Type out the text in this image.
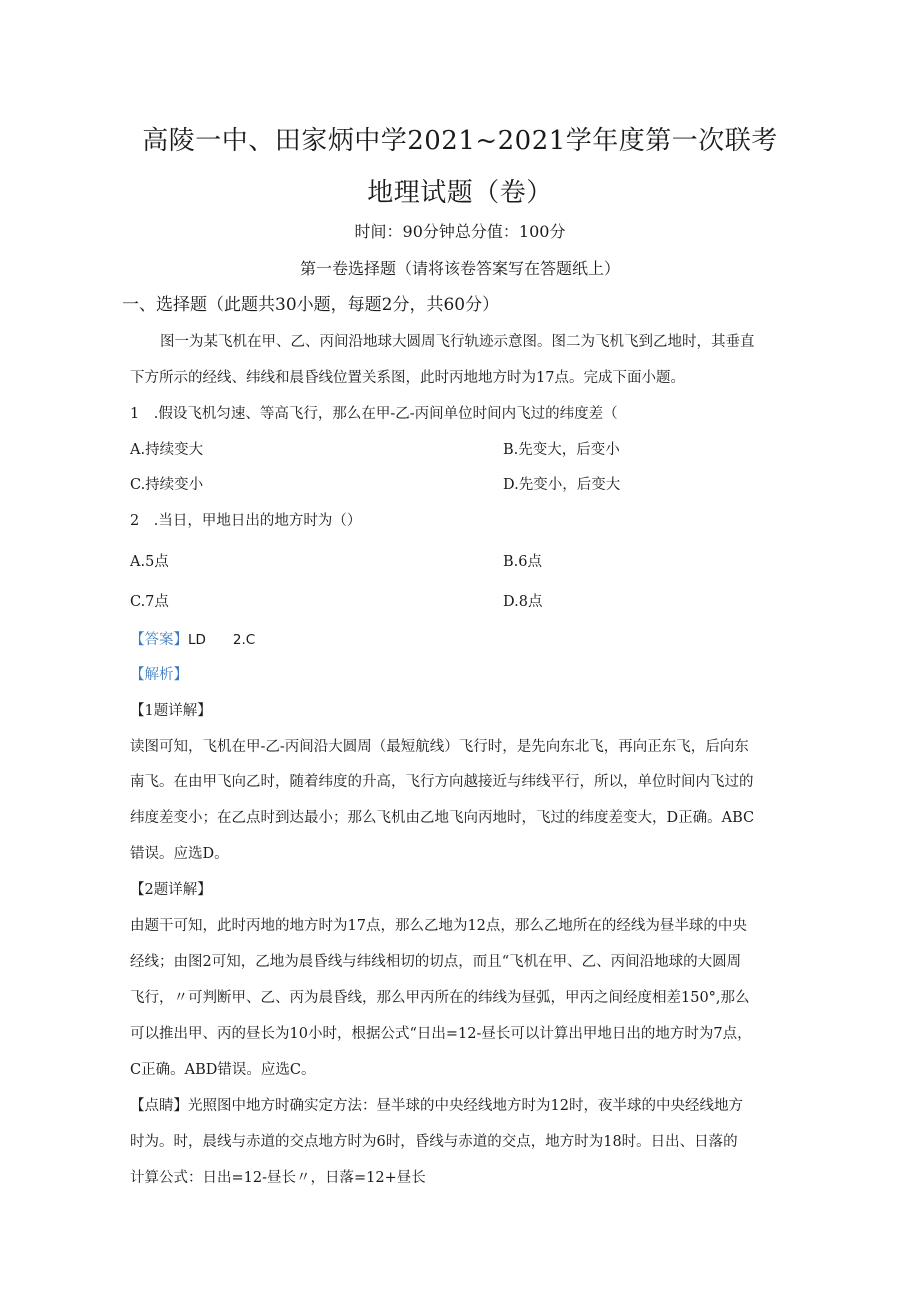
高陵一中、田家炳中学2021~2021学年度第一次联考
地理试题（卷）
时间：90分钟总分值：100分
第一卷选择题（请将该卷答案写在答题纸上）
一、选择题（此题共30小题，每题2分，共60分）
图一为某飞机在甲、乙、丙间沿地球大圆周飞行轨迹示意图。图二为飞机飞到乙地时，其垂直
下方所示的经线、纬线和晨昏线位置关系图，此时丙地地方时为17点。完成下面小题。
1　.假设飞机匀速、等高飞行，那么在甲-乙-丙间单位时间内飞过的纬度差（
A.持续变大	B.先变大，后变小
C.持续变小	D.先变小，后变大
2　.当日，甲地日出的地方时为（）
A.5点	B.6点
C.7点	D.8点
【答案】LD　　2.C
【解析】
【1题详解】
读图可知，飞机在甲-乙-丙间沿大圆周（最短航线）飞行时，是先向东北飞，再向正东飞，后向东
南飞。在由甲飞向乙时，随着纬度的升高，飞行方向越接近与纬线平行，所以，单位时间内飞过的
纬度差变小；在乙点时到达最小；那么飞机由乙地飞向丙地时，飞过的纬度差变大，D正确。ABC
错误。应选D。
【2题详解】
由题干可知，此时丙地的地方时为17点，那么乙地为12点，那么乙地所在的经线为昼半球的中央
经线；由图2可知，乙地为晨昏线与纬线相切的切点，而且“飞机在甲、乙、丙间沿地球的大圆周
飞行，〃可判断甲、乙、丙为晨昏线，那么甲丙所在的纬线为昼弧，甲丙之间经度相差150°,那么
可以推出甲、丙的昼长为10小时，根据公式“日出=12-昼长可以计算出甲地日出的地方时为7点，
C正确。ABD错误。应选C。
【点睛】光照图中地方时确实定方法：昼半球的中央经线地方时为12时，夜半球的中央经线地方
时为。时，晨线与赤道的交点地方时为6时，昏线与赤道的交点，地方时为18时。日出、日落的
计算公式：日出=12-昼长〃，日落=12+昼长
